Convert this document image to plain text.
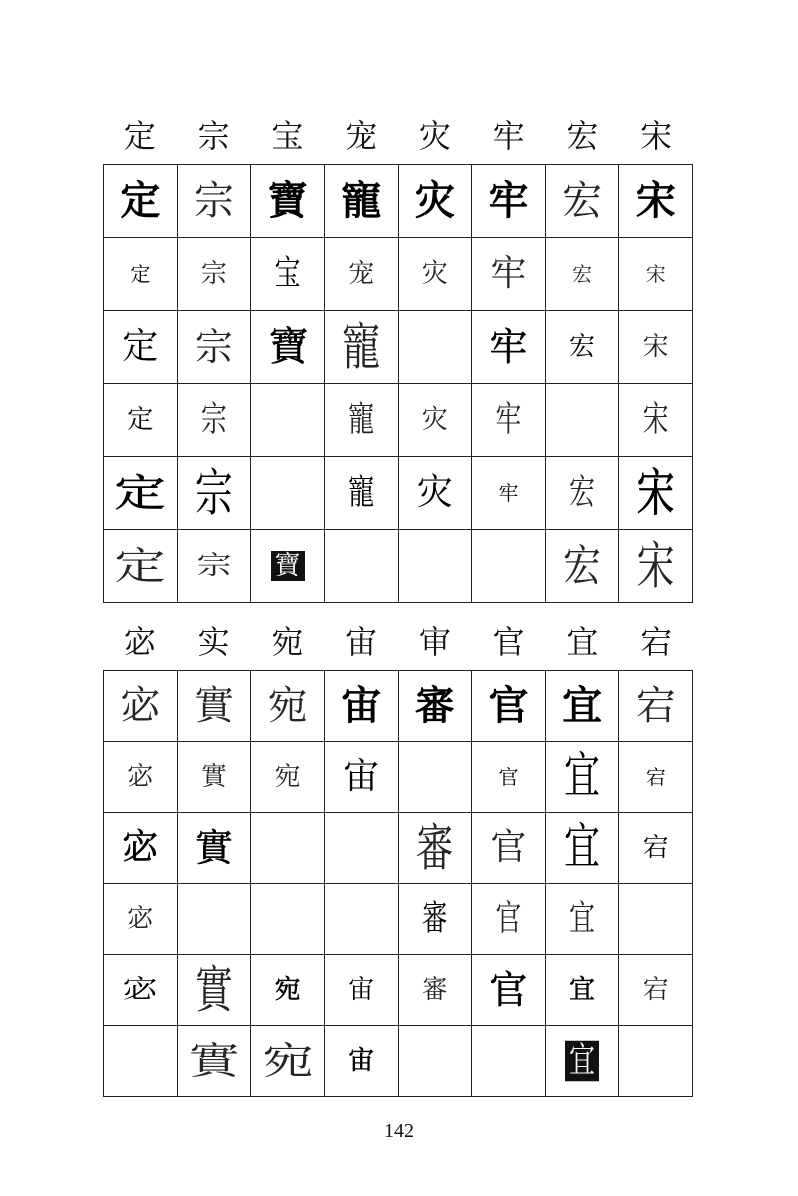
定	宗	宝	宠	灾	牢	宏	宋
定	宗	寶	寵	灾	牢	宏	宋
定	宗	宝	宠	灾	牢	宏	宋
定	宗	寶	寵		牢	宏	宋
定	宗		寵	灾	牢		宋
定	宗		寵	灾	牢	宏	宋
定	宗	寶				宏	宋
宓	实	宛	宙	审	官	宜	宕
宓	實	宛	宙	審	官	宜	宕
宓	實	宛	宙		官	宜	宕
宓	實			審	官	宜	宕
宓				審	官	宜	
宓	實	宛	宙	審	官	宜	宕
	實	宛	宙			宜	
142
